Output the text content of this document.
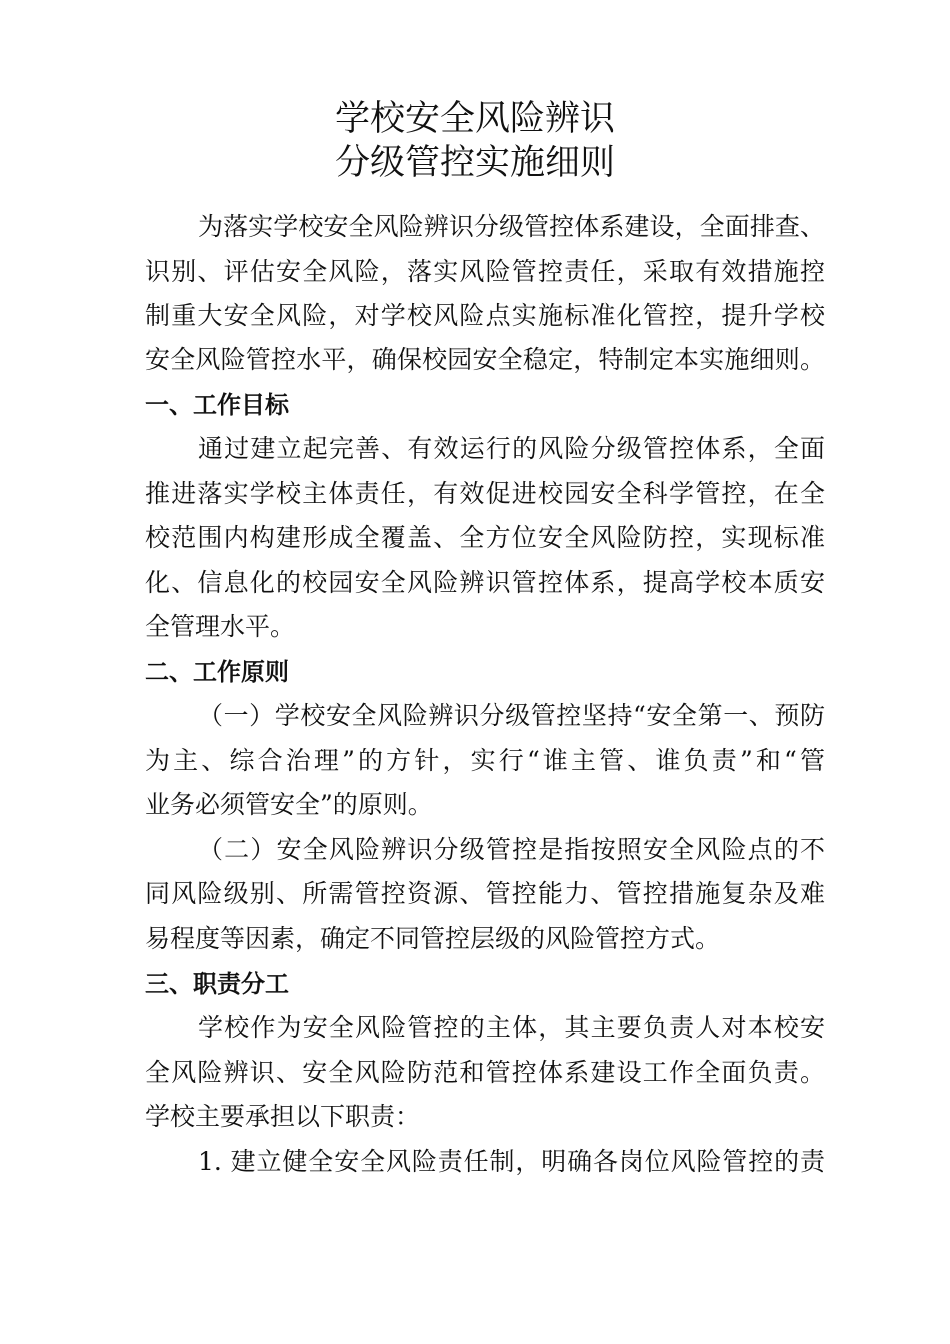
学校安全风险辨识
分级管控实施细则
为落实学校安全风险辨识分级管控体系建设，全面排查、
识别、评估安全风险，落实风险管控责任，采取有效措施控
制重大安全风险，对学校风险点实施标准化管控，提升学校
安全风险管控水平，确保校园安全稳定，特制定本实施细则。
一、工作目标
通过建立起完善、有效运行的风险分级管控体系，全面
推进落实学校主体责任，有效促进校园安全科学管控，在全
校范围内构建形成全覆盖、全方位安全风险防控，实现标准
化、信息化的校园安全风险辨识管控体系，提高学校本质安
全管理水平。
二、工作原则
（一）学校安全风险辨识分级管控坚持“安全第一、预防
为主、综合治理”的方针，实行“谁主管、谁负责”和“管
业务必须管安全”的原则。
（二）安全风险辨识分级管控是指按照安全风险点的不
同风险级别、所需管控资源、管控能力、管控措施复杂及难
易程度等因素，确定不同管控层级的风险管控方式。
三、职责分工
学校作为安全风险管控的主体，其主要负责人对本校安
全风险辨识、安全风险防范和管控体系建设工作全面负责。
学校主要承担以下职责：
1. 建立健全安全风险责任制，明确各岗位风险管控的责
